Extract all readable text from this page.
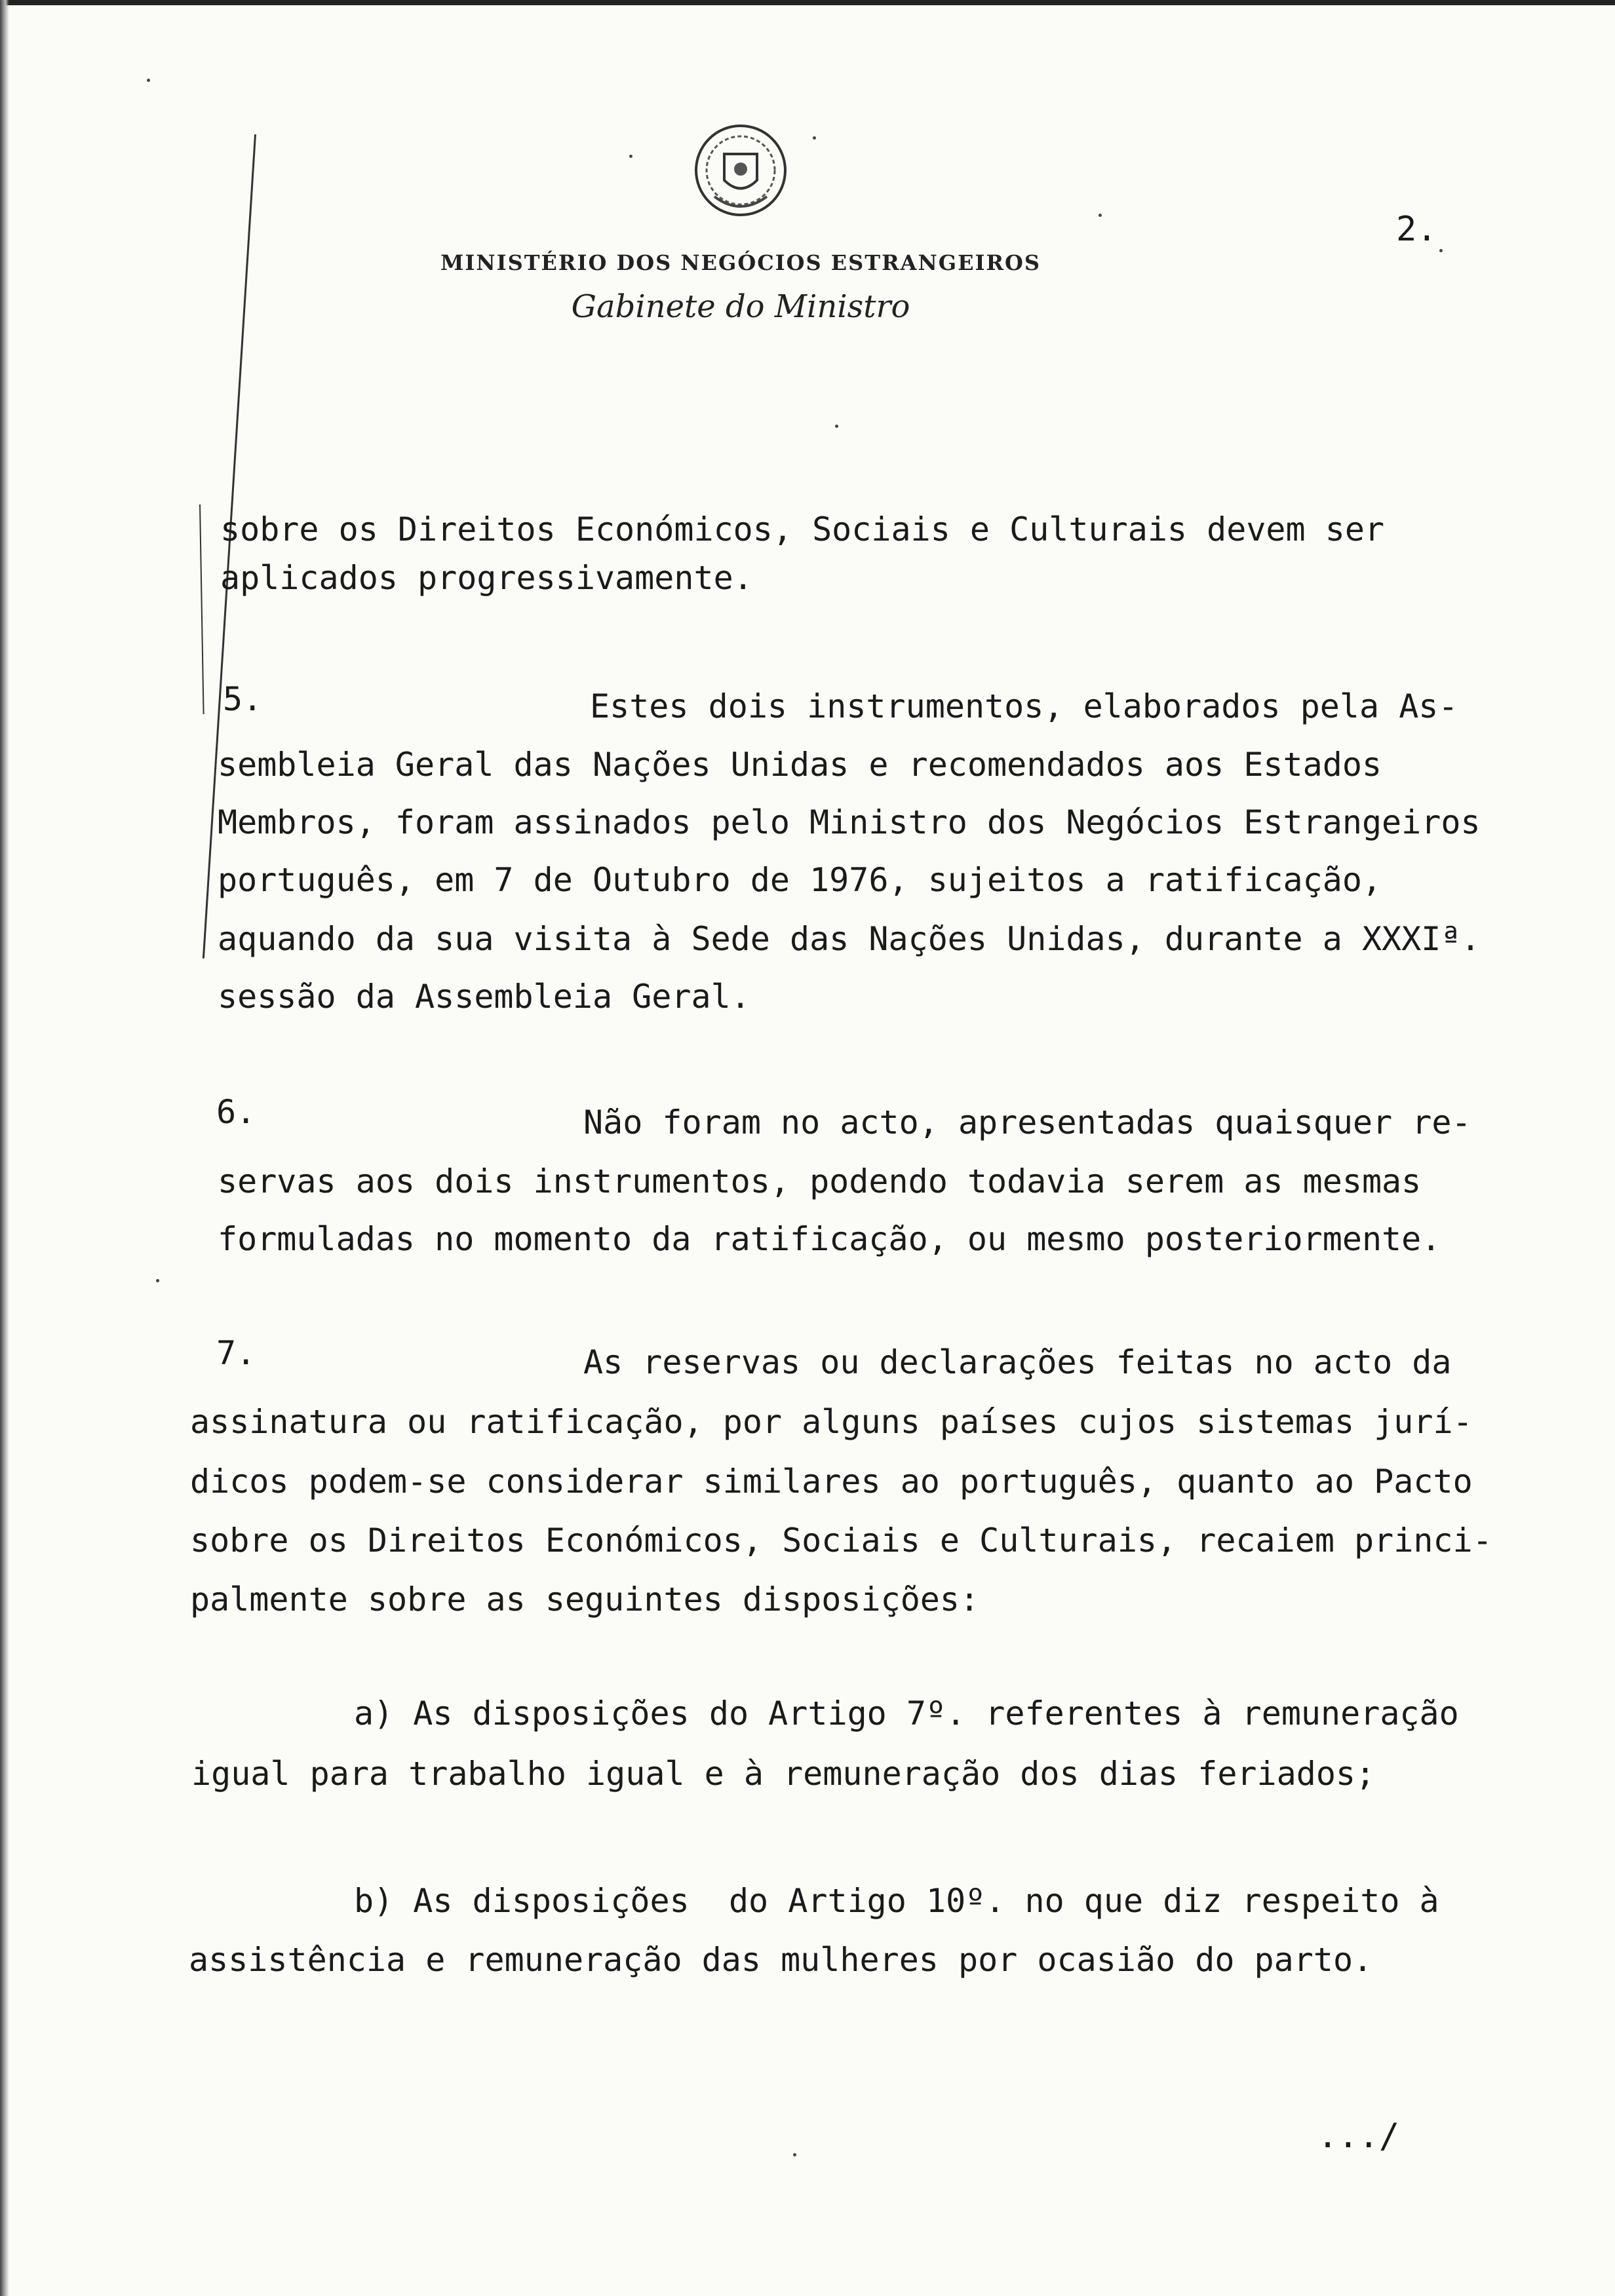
2.
MINISTÉRIO DOS NEGÓCIOS ESTRANGEIROS
Gabinete do Ministro
sobre os Direitos Económicos, Sociais e Culturais devem ser
aplicados progressivamente.
5.	Estes dois instrumentos, elaborados pela As-
sembleia Geral das Nações Unidas e recomendados aos Estados
Membros, foram assinados pelo Ministro dos Negócios Estrangeiros
português, em 7 de Outubro de 1976, sujeitos a ratificação,
aquando da sua visita à Sede das Nações Unidas, durante a XXXIª.
sessão da Assembleia Geral.
6.	Não foram no acto, apresentadas quaisquer re-
servas aos dois instrumentos, podendo todavia serem as mesmas
formuladas no momento da ratificação, ou mesmo posteriormente.
7.	As reservas ou declarações feitas no acto da
assinatura ou ratificação, por alguns países cujos sistemas jurí-
dicos podem-se considerar similares ao português, quanto ao Pacto
sobre os Direitos Económicos, Sociais e Culturais, recaiem princi-
palmente sobre as seguintes disposições:
a) As disposições do Artigo 7º. referentes à remuneração
igual para trabalho igual e à remuneração dos dias feriados;
b) As disposições  do Artigo 10º. no que diz respeito à
assistência e remuneração das mulheres por ocasião do parto.
.../
